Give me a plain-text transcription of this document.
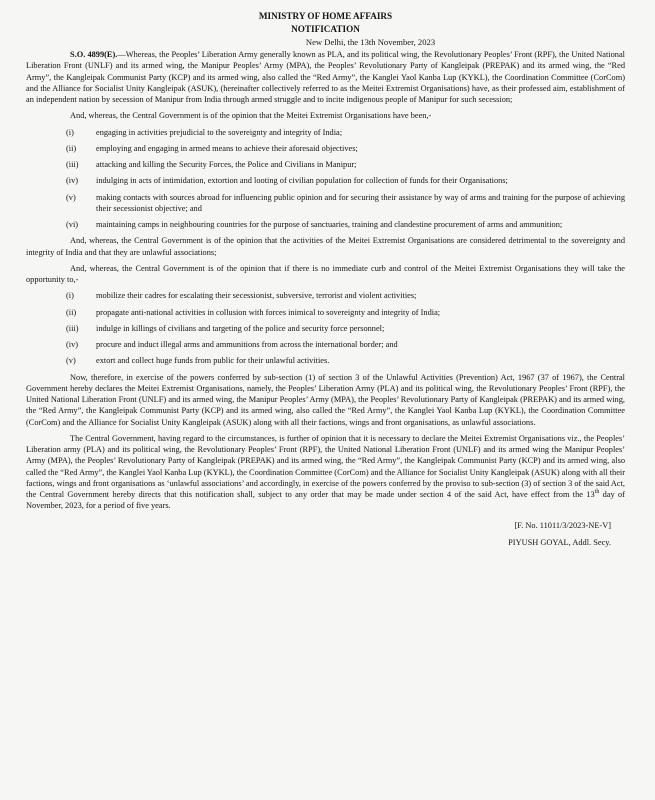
MINISTRY OF HOME AFFAIRS
NOTIFICATION
New Delhi, the 13th November, 2023

S.O. 4899(E).—Whereas, the Peoples’ Liberation Army generally known as PLA, and its political wing, the Revolutionary Peoples’ Front (RPF), the United National Liberation Front (UNLF) and its armed wing, the Manipur Peoples’ Army (MPA), the Peoples’ Revolutionary Party of Kangleipak (PREPAK) and its armed wing, the “Red Army”, the Kangleipak Communist Party (KCP) and its armed wing, also called the “Red Army”, the Kanglei Yaol Kanba Lup (KYKL), the Coordination Committee (CorCom) and the Alliance for Socialist Unity Kangleipak (ASUK), (hereinafter collectively referred to as the Meitei Extremist Organisations) have, as their professed aim, establishment of an independent nation by secession of Manipur from India through armed struggle and to incite indigenous people of Manipur for such secession;

And, whereas, the Central Government is of the opinion that the Meitei Extremist Organisations have been,-

(i)	engaging in activities prejudicial to the sovereignty and integrity of India;
(ii)	employing and engaging in armed means to achieve their aforesaid objectives;
(iii)	attacking and killing the Security Forces, the Police and Civilians in Manipur;
(iv)	indulging in acts of intimidation, extortion and looting of civilian population for collection of funds for their Organisations;
(v)	making contacts with sources abroad for influencing public opinion and for securing their assistance by way of arms and training for the purpose of achieving their secessionist objective; and
(vi)	maintaining camps in neighbouring countries for the purpose of sanctuaries, training and clandestine procurement of arms and ammunition;

And, whereas, the Central Government is of the opinion that the activities of the Meitei Extremist Organisations are considered detrimental to the sovereignty and integrity of India and that they are unlawful associations;

And, whereas, the Central Government is of the opinion that if there is no immediate curb and control of the Meitei Extremist Organisations they will take the opportunity to,-

(i)	mobilize their cadres for escalating their secessionist, subversive, terrorist and violent activities;
(ii)	propagate anti-national activities in collusion with forces inimical to sovereignty and integrity of India;
(iii)	indulge in killings of civilians and targeting of the police and security force personnel;
(iv)	procure and induct illegal arms and ammunitions from across the international border; and
(v)	extort and collect huge funds from public for their unlawful activities.

Now, therefore, in exercise of the powers conferred by sub-section (1) of section 3 of the Unlawful Activities (Prevention) Act, 1967 (37 of 1967), the Central Government hereby declares the Meitei Extremist Organisations, namely, the Peoples’ Liberation Army (PLA) and its political wing, the Revolutionary Peoples’ Front (RPF), the United National Liberation Front (UNLF) and its armed wing, the Manipur Peoples’ Army (MPA), the Peoples’ Revolutionary Party of Kangleipak (PREPAK) and its armed wing, the “Red Army”, the Kangleipak Communist Party (KCP) and its armed wing, also called the “Red Army”, the Kanglei Yaol Kanba Lup (KYKL), the Coordination Committee (CorCom) and the Alliance for Socialist Unity Kangleipak (ASUK) along with all their factions, wings and front organisations, as unlawful associations.

The Central Government, having regard to the circumstances, is further of opinion that it is necessary to declare the Meitei Extremist Organisations viz., the Peoples’ Liberation army (PLA) and its political wing, the Revolutionary Peoples’ Front (RPF), the United National Liberation Front (UNLF) and its armed wing the Manipur Peoples’ Army (MPA), the Peoples’ Revolutionary Party of Kangleipak (PREPAK) and its armed wing, the “Red Army”, the Kangleipak Communist Party (KCP) and its armed wing, also called the “Red Army”, the Kanglei Yaol Kanba Lup (KYKL), the Coordination Committee (CorCom) and the Alliance for Socialist Unity Kangleipak (ASUK) along with all their factions, wings and front organisations as ‘unlawful associations’ and accordingly, in exercise of the powers conferred by the proviso to sub-section (3) of section 3 of the said Act, the Central Government hereby directs that this notification shall, subject to any order that may be made under section 4 of the said Act, have effect from the 13th day of November, 2023, for a period of five years.

[F. No. 11011/3/2023-NE-V]
PIYUSH GOYAL, Addl. Secy.
